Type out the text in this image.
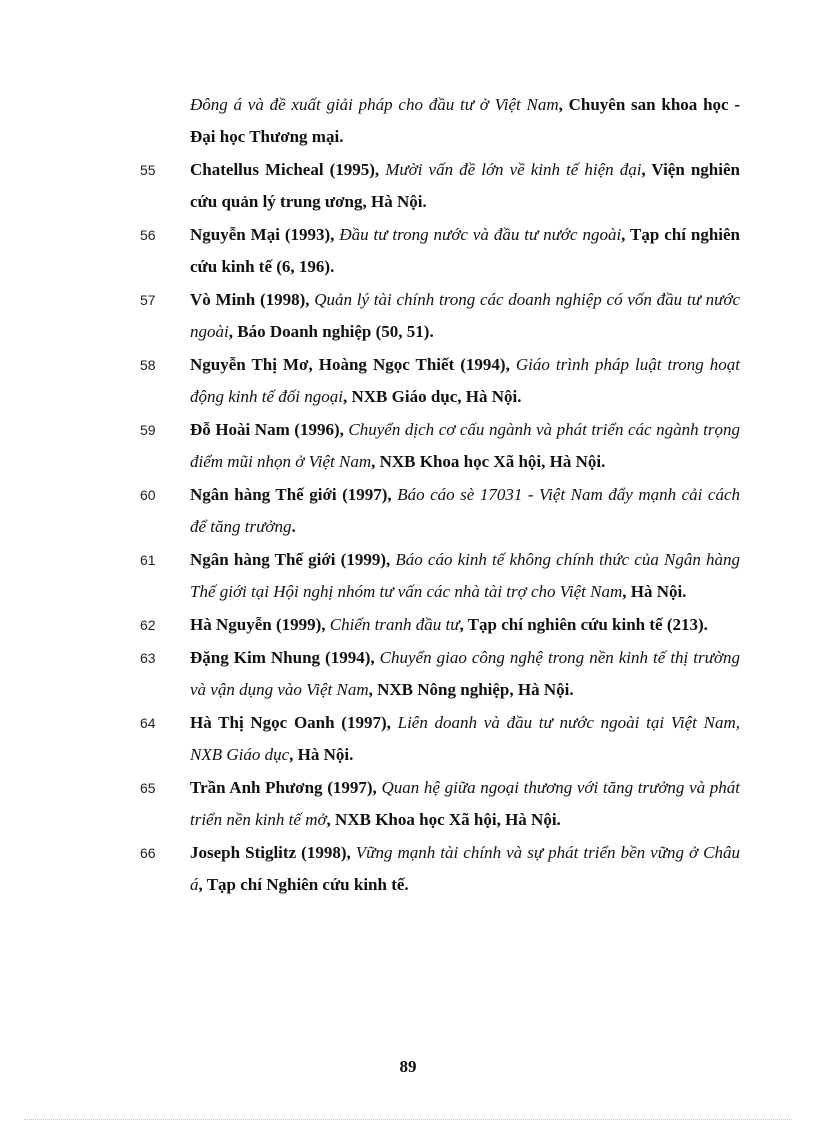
Đông á và đề xuất giải pháp cho đầu tư ở Việt Nam, Chuyên san khoa học - Đại học Thương mại.
55	Chatellus Micheal (1995), Mười vấn đề lớn về kinh tế hiện đại, Viện nghiên cứu quản lý trung ương, Hà Nội.
56	Nguyễn Mại (1993), Đầu tư trong nước và đầu tư nước ngoài, Tạp chí nghiên cứu kinh tế (6, 196).
57	Vò Minh (1998), Quản lý tài chính trong các doanh nghiệp có vốn đầu tư nước ngoài, Báo Doanh nghiệp (50, 51).
58	Nguyễn Thị Mơ, Hoàng Ngọc Thiết (1994), Giáo trình pháp luật trong hoạt động kinh tế đối ngoại, NXB Giáo dục, Hà Nội.
59	Đỗ Hoài Nam (1996), Chuyển dịch cơ cấu ngành và phát triển các ngành trọng điểm mũi nhọn ở Việt Nam, NXB Khoa học Xã hội, Hà Nội.
60	Ngân hàng Thế giới (1997), Báo cáo sè 17031 - Việt Nam đẩy mạnh cải cách để tăng trưởng.
61	Ngân hàng Thế giới (1999), Báo cáo kinh tế không chính thức của Ngân hàng Thế giới tại Hội nghị nhóm tư vấn các nhà tài trợ cho Việt Nam, Hà Nội.
62	Hà Nguyễn (1999), Chiến tranh đầu tư, Tạp chí nghiên cứu kinh tế (213).
63	Đặng Kim Nhung (1994), Chuyển giao công nghệ trong nền kinh tế thị trường và vận dụng vào Việt Nam, NXB Nông nghiệp, Hà Nội.
64	Hà Thị Ngọc Oanh (1997), Liên doanh và đầu tư nước ngoài tại Việt Nam, NXB Giáo dục, Hà Nội.
65	Trần Anh Phương (1997), Quan hệ giữa ngoại thương với tăng trưởng và phát triển nền kinh tế mở, NXB Khoa học Xã hội, Hà Nội.
66	Joseph Stiglitz (1998), Vững mạnh tài chính và sự phát triển bền vững ở Châu á, Tạp chí Nghiên cứu kinh tế.
89
